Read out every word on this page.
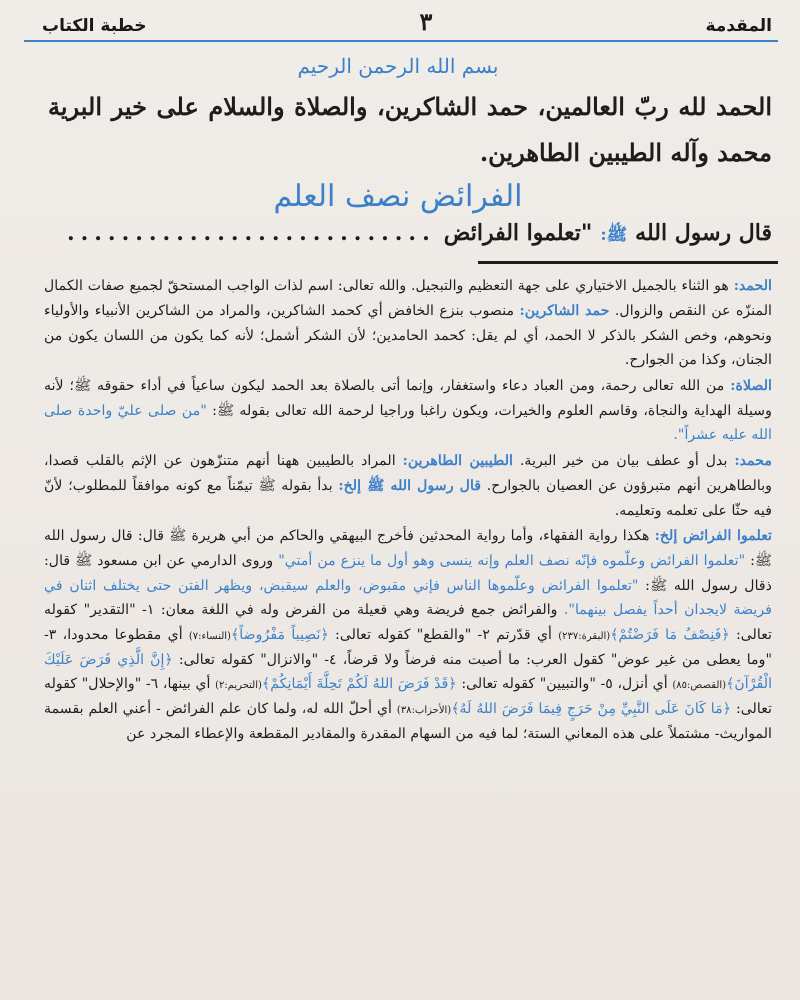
المقدمة
٣
خطبة الكتاب
بسم الله الرحمن الرحيم
الحمد لله ربّ العالمين، حمد الشاكرين، والصلاة والسلام على خير البرية محمد وآله الطيبين الطاهرين.
الفرائض نصف العلم
قال رسول الله
ﷺ:
"تعلموا الفرائض
...........................

الحمد: هو الثناء بالجميل الاختياري على جهة التعظيم والتبجيل. والله تعالى: اسم لذات الواجب المستحقّ لجميع صفات الكمال المنزّه عن النقص والزوال. حمد الشاكرين: منصوب بنزع الخافض أي كحمد الشاكرين، والمراد من الشاكرين الأنبياء والأولياء ونحوهم، وخص الشكر بالذكر لا الحمد، أي لم يقل: كحمد الحامدين؛ لأن الشكر أشمل؛ لأنه كما يكون من اللسان يكون من الجنان، وكذا من الجوارح.

الصلاة: من الله تعالى رحمة، ومن العباد دعاء واستغفار، وإنما أتى بالصلاة بعد الحمد ليكون ساعياً في أداء حقوقه ﷺ؛ لأنه وسيلة الهداية والنجاة، وقاسم العلوم والخيرات، ويكون راغبا وراجيا لرحمة الله تعالى بقوله ﷺ: "من صلى عليّ واحدة صلى الله عليه عشراً".

محمد: بدل أو عطف بيان من خير البرية. الطيبين الطاهرين: المراد بالطيبين ههنا أنهم متنزّهون عن الإثم بالقلب قصدا، وبالطاهرين أنهم متبرؤون عن العصيان بالجوارح. قال رسول الله ﷺ إلخ: بدأ بقوله ﷺ تيمّناً مع كونه موافقاً للمطلوب؛ لأنّ فيه حثّا على تعلمه وتعليمه.

تعلموا الفرائض إلخ: هكذا رواية الفقهاء، وأما رواية المحدثين فأخرج البيهقي والحاكم من أبي هريرة ﷺ قال: قال رسول الله ﷺ: "تعلموا الفرائض وعلّموه فإنّه نصف العلم وإنه ينسى وهو أول ما ينزع من أمتي" وروى الدارمي عن ابن مسعود ﷺ قال: ذقال رسول الله ﷺ: "تعلموا الفرائض وعلّموها الناس فإني مقبوض، والعلم سيقبض، ويظهر الفتن حتى يختلف اثنان في فريضة لايجدان أحداً يفصل بينهما". والفرائض جمع فريضة وهي فعيلة من الفرض وله في اللغة معان: ١- "التقدير" كقوله تعالى: ﴿فَنِصْفُ مَا فَرَضْتُمْ﴾(البقرة:٢٣٧) أي قدّرتم ٢- "والقطع" كقوله تعالى: ﴿نَصِيباً مَفْرُوضاً﴾(النساء:٧) أي مقطوعا محدودا، ٣- "وما يعطى من غير عوض" كقول العرب: ما أصبت منه فرضاً ولا قرضاً، ٤- "والانزال" كقوله تعالى: ﴿إِنَّ الَّذِي فَرَضَ عَلَيْكَ الْقُرْآنَ﴾(القصص:٨٥) أي أنزل، ٥- "والتبيين" كقوله تعالى: ﴿قَدْ فَرَضَ اللهُ لَكُمْ تَحِلَّةَ أَيْمَانِكُمْ﴾(التحريم:٢) أي بينها، ٦- "والإحلال" كقوله تعالى: ﴿مَا كَانَ عَلَى النَّبِيِّ مِنْ حَرَجٍ فِيمَا فَرَضَ اللهُ لَهُ﴾(الأحزاب:٣٨) أي أحلّ الله له، ولما كان علم الفرائض - أعني العلم بقسمة المواريث- مشتملاً على هذه المعاني الستة؛ لما فيه من السهام المقدرة والمقادير المقطعة والإعطاء المجرد عن
